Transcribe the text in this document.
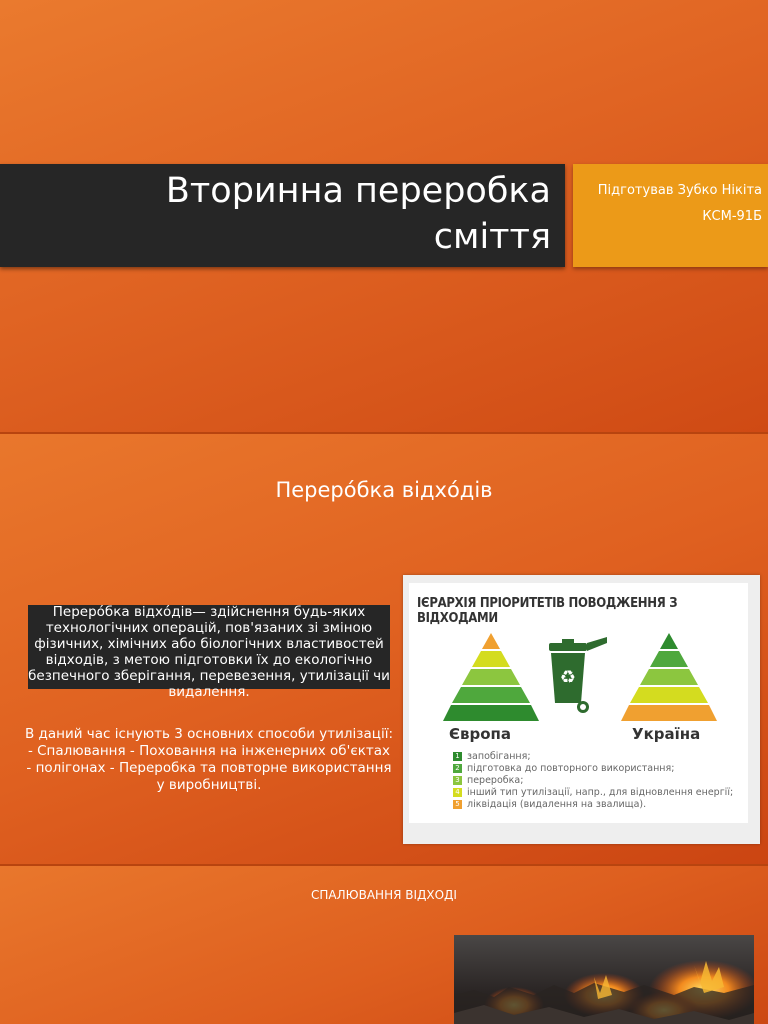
Вторинна переробка
сміття
Підготував Зубко Нікіта
КСМ-91Б
Переро́бка відхо́дів
Переро́бка відхо́дів— здійснення будь-яких технологічних операцій, пов'язаних зі зміною фізичних, хімічних або біологічних властивостей відходів, з метою підготовки їх до екологічно безпечного зберігання, перевезення, утилізації чи видалення.
В даний час існують 3 основних способи утилізації: - Спалювання - Поховання на інженерних об'єктах - полігонах - Переробка та повторне використання у виробництві.
ІЄРАРХІЯ ПРІОРИТЕТІВ ПОВОДЖЕННЯ З ВІДХОДАМИ
♻
Європа	Україна
1 запобігання;
2 підготовка до повторного використання;
3 переробка;
4 інший тип утилізації, напр., для відновлення енергії;
5 ліквідація (видалення на звалища).
СПАЛЮВАННЯ ВІДХОДІ
